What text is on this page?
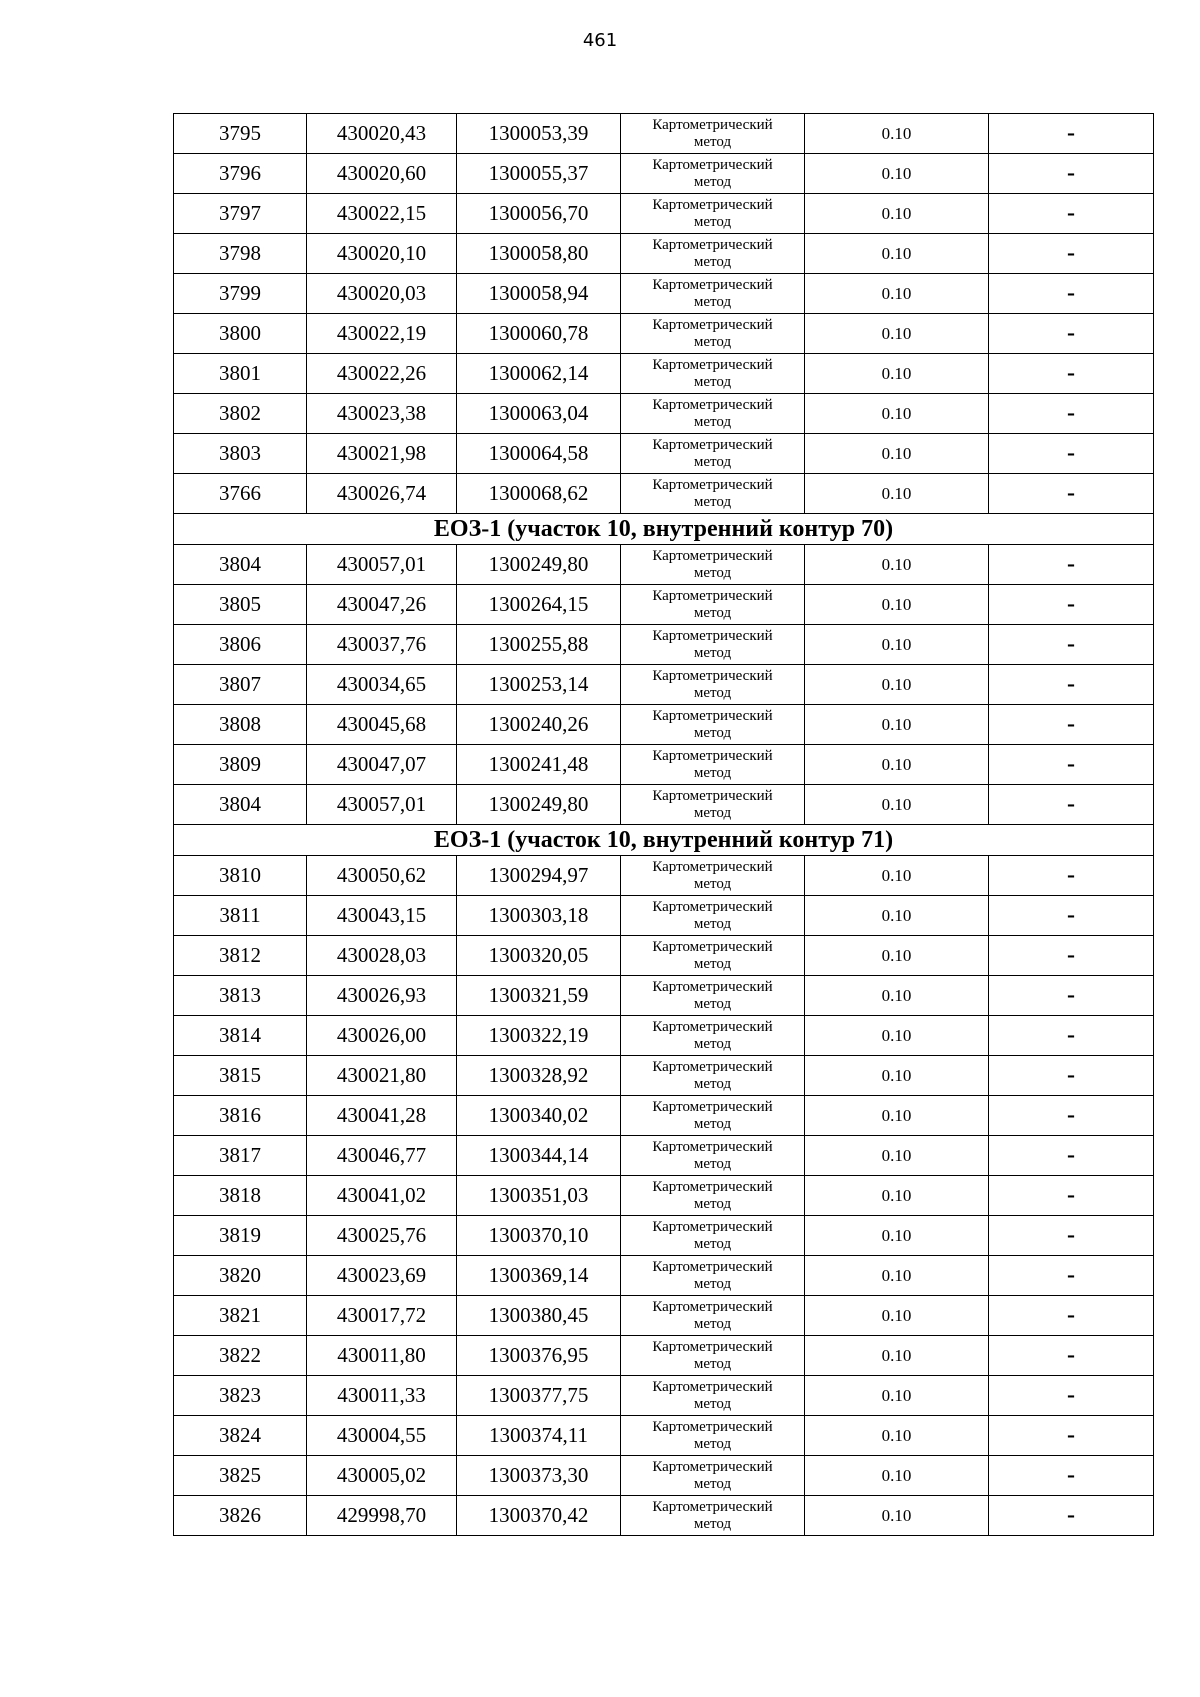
461
3795	430020,43	1300053,39	Картометрический
метод	0.10	-
3796	430020,60	1300055,37	Картометрический
метод	0.10	-
3797	430022,15	1300056,70	Картометрический
метод	0.10	-
3798	430020,10	1300058,80	Картометрический
метод	0.10	-
3799	430020,03	1300058,94	Картометрический
метод	0.10	-
3800	430022,19	1300060,78	Картометрический
метод	0.10	-
3801	430022,26	1300062,14	Картометрический
метод	0.10	-
3802	430023,38	1300063,04	Картометрический
метод	0.10	-
3803	430021,98	1300064,58	Картометрический
метод	0.10	-
3766	430026,74	1300068,62	Картометрический
метод	0.10	-
ЕОЗ-1 (участок 10, внутренний контур 70)					
3804	430057,01	1300249,80	Картометрический
метод	0.10	-
3805	430047,26	1300264,15	Картометрический
метод	0.10	-
3806	430037,76	1300255,88	Картометрический
метод	0.10	-
3807	430034,65	1300253,14	Картометрический
метод	0.10	-
3808	430045,68	1300240,26	Картометрический
метод	0.10	-
3809	430047,07	1300241,48	Картометрический
метод	0.10	-
3804	430057,01	1300249,80	Картометрический
метод	0.10	-
ЕОЗ-1 (участок 10, внутренний контур 71)					
3810	430050,62	1300294,97	Картометрический
метод	0.10	-
3811	430043,15	1300303,18	Картометрический
метод	0.10	-
3812	430028,03	1300320,05	Картометрический
метод	0.10	-
3813	430026,93	1300321,59	Картометрический
метод	0.10	-
3814	430026,00	1300322,19	Картометрический
метод	0.10	-
3815	430021,80	1300328,92	Картометрический
метод	0.10	-
3816	430041,28	1300340,02	Картометрический
метод	0.10	-
3817	430046,77	1300344,14	Картометрический
метод	0.10	-
3818	430041,02	1300351,03	Картометрический
метод	0.10	-
3819	430025,76	1300370,10	Картометрический
метод	0.10	-
3820	430023,69	1300369,14	Картометрический
метод	0.10	-
3821	430017,72	1300380,45	Картометрический
метод	0.10	-
3822	430011,80	1300376,95	Картометрический
метод	0.10	-
3823	430011,33	1300377,75	Картометрический
метод	0.10	-
3824	430004,55	1300374,11	Картометрический
метод	0.10	-
3825	430005,02	1300373,30	Картометрический
метод	0.10	-
3826	429998,70	1300370,42	Картометрический
метод	0.10	-
